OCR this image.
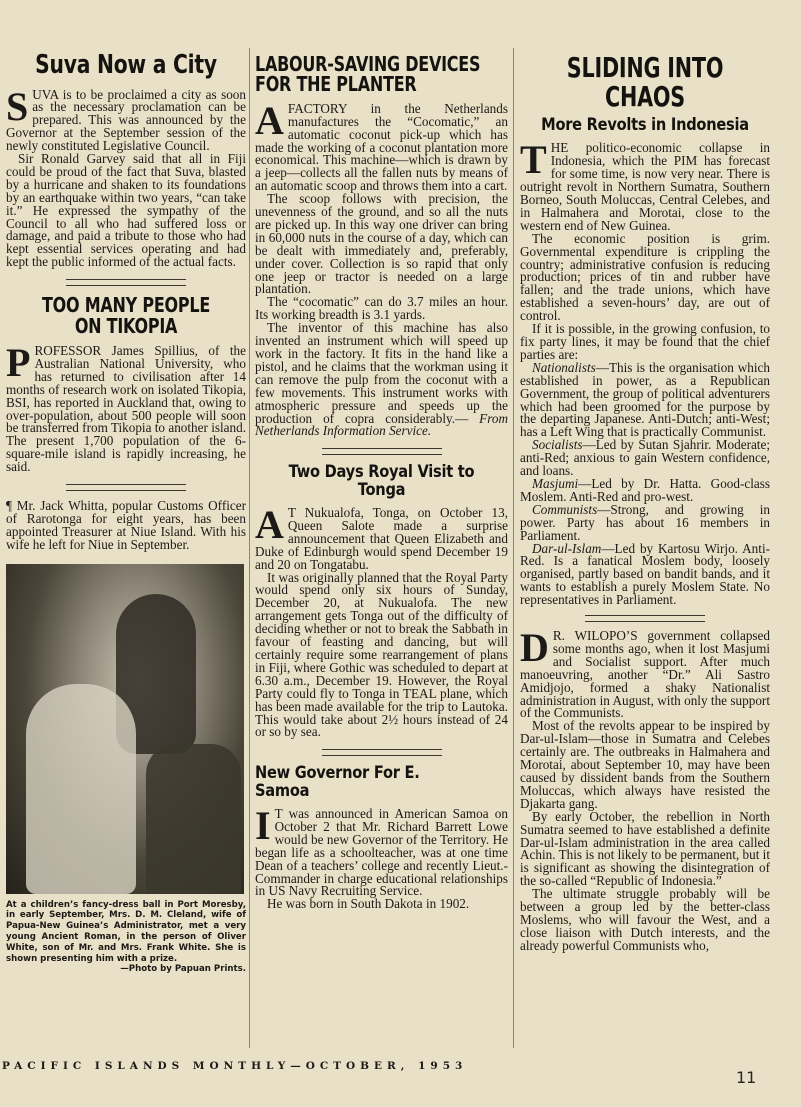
Suva Now a City

SUVA is to be proclaimed a city as soon as the necessary proclamation can be prepared. This was announced by the Governor at the September session of the newly constituted Legislative Council.

Sir Ronald Garvey said that all in Fiji could be proud of the fact that Suva, blasted by a hurricane and shaken to its foundations by an earthquake within two years, “can take it.” He expressed the sympathy of the Council to all who had suffered loss or damage, and paid a tribute to those who had kept essential services operating and had kept the public informed of the actual facts.

TOO MANY PEOPLE ON TIKOPIA

PROFESSOR James Spillius, of the Australian National University, who has returned to civilisation after 14 months of research work on isolated Tikopia, BSI, has reported in Auckland that, owing to over-population, about 500 people will soon be transferred from Tikopia to another island. The present 1,700 population of the 6-square-mile island is rapidly increasing, he said.

¶ Mr. Jack Whitta, popular Customs Officer of Rarotonga for eight years, has been appointed Treasurer at Niue Island. With his wife he left for Niue in September.

At a children’s fancy-dress ball in Port Moresby, in early September, Mrs. D. M. Cleland, wife of Papua-New Guinea’s Administrator, met a very young Ancient Roman, in the person of Oliver White, son of Mr. and Mrs. Frank White. She is shown presenting him with a prize.
—Photo by Papuan Prints.
LABOUR-SAVING DEVICES FOR THE PLANTER

AFACTORY in the Netherlands manufactures the “Cocomatic,” an automatic coconut pick-up which has made the working of a coconut plantation more economical. This machine—which is drawn by a jeep—collects all the fallen nuts by means of an automatic scoop and throws them into a cart.

The scoop follows with precision, the unevenness of the ground, and so all the nuts are picked up. In this way one driver can bring in 60,000 nuts in the course of a day, which can be dealt with immediately and, preferably, under cover. Collection is so rapid that only one jeep or tractor is needed on a large plantation.

The “cocomatic” can do 3.7 miles an hour. Its working breadth is 3.1 yards.

The inventor of this machine has also invented an instrument which will speed up work in the factory. It fits in the hand like a pistol, and he claims that the workman using it can remove the pulp from the coconut with a few movements. This instrument works with atmospheric pressure and speeds up the production of copra considerably.— From Netherlands Information Service.

Two Days Royal Visit to Tonga

A T Nukualofa, Tonga, on October 13, Queen Salote made a surprise announcement that Queen Elizabeth and Duke of Edinburgh would spend December 19 and 20 on Tongatabu.

It was originally planned that the Royal Party would spend only six hours of Sunday, December 20, at Nukualofa. The new arrangement gets Tonga out of the difficulty of deciding whether or not to break the Sabbath in favour of feasting and dancing, but will certainly require some rearrangement of plans in Fiji, where Gothic was scheduled to depart at 6.30 a.m., December 19. However, the Royal Party could fly to Tonga in TEAL plane, which has been made available for the trip to Lautoka. This would take about 2½ hours instead of 24 or so by sea.

New Governor For E. Samoa

I T was announced in American Samoa on October 2 that Mr. Richard Barrett Lowe would be new Governor of the Territory. He began life as a schoolteacher, was at one time Dean of a teachers’ college and recently Lieut.-Commander in charge educational relationships in US Navy Recruiting Service.

He was born in South Dakota in 1902.

SLIDING INTO CHAOS
More Revolts in Indonesia

THE politico-economic collapse in Indonesia, which the PIM has forecast for some time, is now very near. There is outright revolt in Northern Sumatra, Southern Borneo, South Moluccas, Central Celebes, and in Halmahera and Morotai, close to the western end of New Guinea.

The economic position is grim. Governmental expenditure is crippling the country; administrative confusion is reducing production; prices of tin and rubber have fallen; and the trade unions, which have established a seven-hours’ day, are out of control.

If it is possible, in the growing confusion, to fix party lines, it may be found that the chief parties are:

Nationalists—This is the organisation which established in power, as a Republican Government, the group of political adventurers which had been groomed for the purpose by the departing Japanese. Anti-Dutch; anti-West; has a Left Wing that is practically Communist.

Socialists—Led by Sutan Sjahrir. Moderate; anti-Red; anxious to gain Western confidence, and loans.

Masjumi—Led by Dr. Hatta. Good-class Moslem. Anti-Red and pro-west.

Communists—Strong, and growing in power. Party has about 16 members in Parliament.

Dar-ul-Islam—Led by Kartosu Wirjo. Anti-Red. Is a fanatical Moslem body, loosely organised, partly based on bandit bands, and it wants to establish a purely Moslem State. No representatives in Parliament.

D R. WILOPO’S government collapsed some months ago, when it lost Masjumi and Socialist support. After much manoeuvring, another “Dr.” Ali Sastro Amidjojo, formed a shaky Nationalist administration in August, with only the support of the Communists.

Most of the revolts appear to be inspired by Dar-ul-Islam—those in Sumatra and Celebes certainly are. The outbreaks in Halmahera and Morotai, about September 10, may have been caused by dissident bands from the Southern Moluccas, which always have resisted the Djakarta gang.

By early October, the rebellion in North Sumatra seemed to have established a definite Dar-ul-Islam administration in the area called Achin. This is not likely to be permanent, but it is significant as showing the disintegration of the so-called “Republic of Indonesia.”

The ultimate struggle probably will be between a group led by the better-class Moslems, who will favour the West, and a close liaison with Dutch interests, and the already powerful Communists who,

PACIFIC ISLANDS MONTHLY—OCTOBER, 1953
11
